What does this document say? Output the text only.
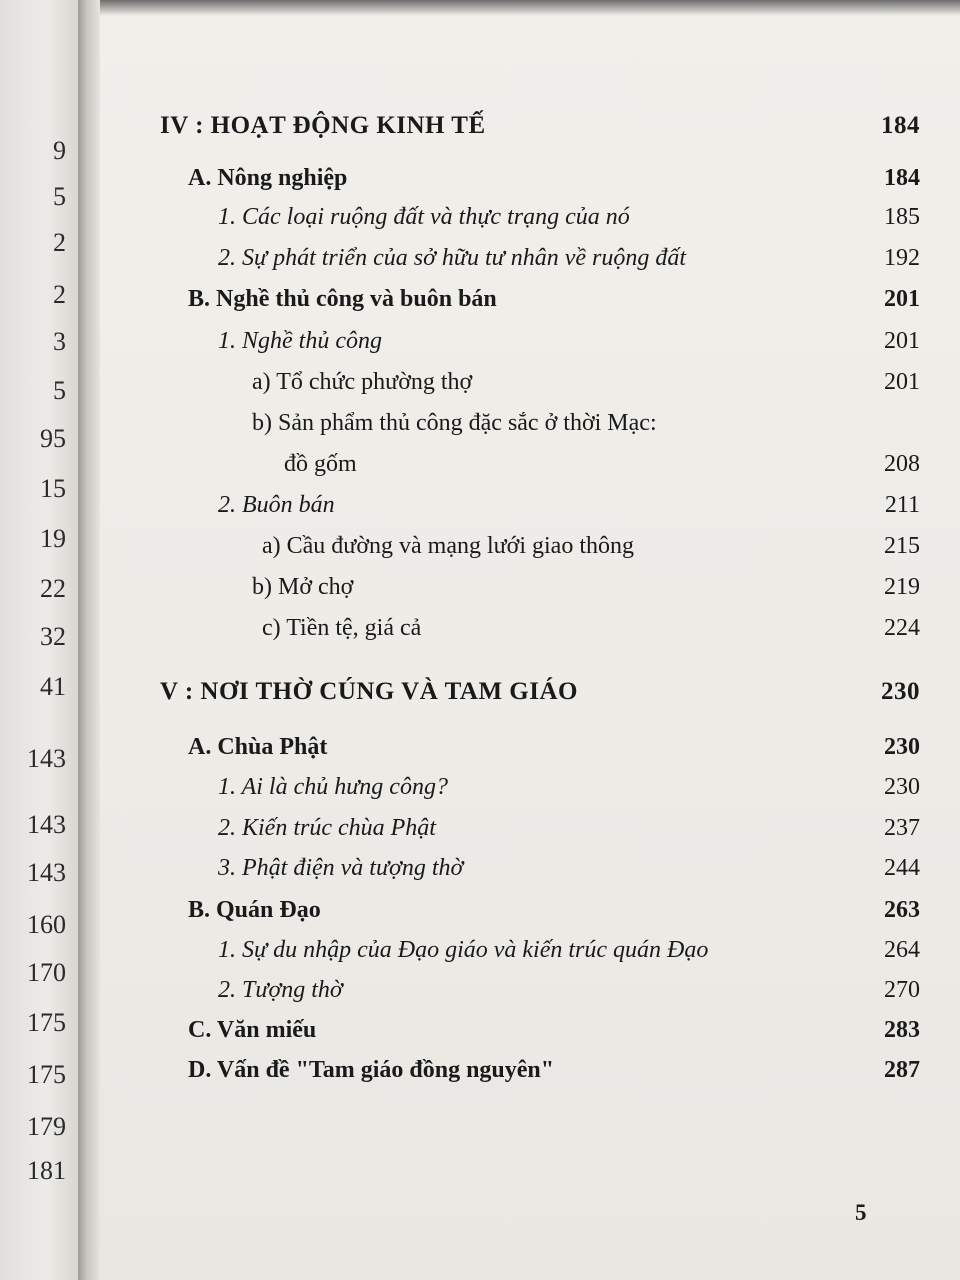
9
5
2
2
3
5
95
15
19
22
32
41
143
143
143
160
170
175
175
179
181
IV : HOẠT ĐỘNG KINH TẾ	184
A. Nông nghiệp	184
1. Các loại ruộng đất và thực trạng của nó	185
2. Sự phát triển của sở hữu tư nhân về ruộng đất	192
B. Nghề thủ công và buôn bán	201
1. Nghề thủ công	201
a) Tổ chức phường thợ	201
b) Sản phẩm thủ công đặc sắc ở thời Mạc:
đồ gốm	208
2. Buôn bán	211
a) Cầu đường và mạng lưới giao thông	215
b) Mở chợ	219
c) Tiền tệ, giá cả	224
V : NƠI THỜ CÚNG VÀ TAM GIÁO	230
A. Chùa Phật	230
1. Ai là chủ hưng công?	230
2. Kiến trúc chùa Phật	237
3. Phật điện và tượng thờ	244
B. Quán Đạo	263
1. Sự du nhập của Đạo giáo và kiến trúc quán Đạo	264
2. Tượng thờ	270
C. Văn miếu	283
D. Vấn đề "Tam giáo đồng nguyên"	287
5
